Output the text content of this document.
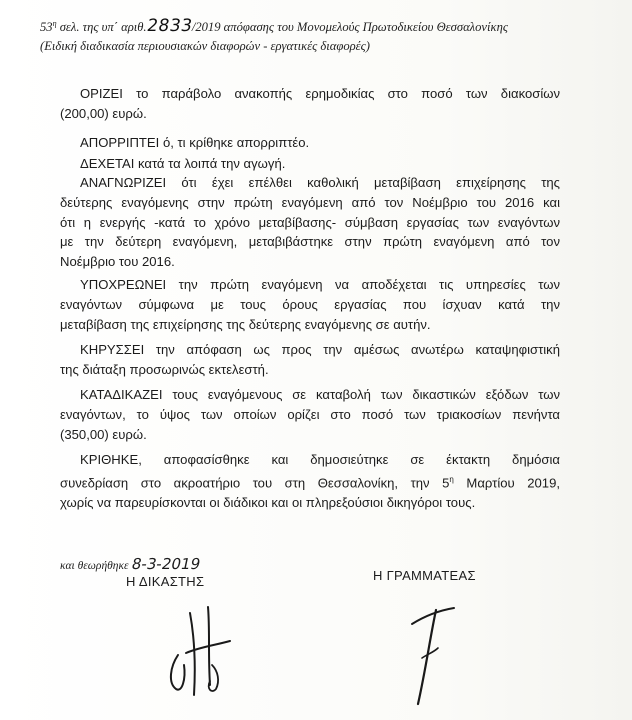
$53^\eta$ σελ. της υπ΄ αριθ.2833/2019 απόφασης του Μονομελούς Πρωτοδικείου Θεσσαλονίκης
(Ειδική διαδικασία περιουσιακών διαφορών - εργατικές διαφορές)

ΟΡΙΖΕΙ το παράβολο ανακοπής ερημοδικίας στο ποσό των διακοσίων

(200,00) ευρώ.

ΑΠΟΡΡΙΠΤΕΙ ό, τι κρίθηκε απορριπτέο.

ΔΕΧΕΤΑΙ κατά τα λοιπά την αγωγή.

ΑΝΑΓΝΩΡΙΖΕΙ ότι έχει επέλθει καθολική μεταβίβαση επιχείρησης της

δεύτερης εναγόμενης στην πρώτη εναγόμενη από τον Νοέμβριο του 2016 και

ότι η ενεργής -κατά το χρόνο μεταβίβασης- σύμβαση εργασίας των εναγόντων

με την δεύτερη εναγόμενη, μεταβιβάστηκε στην πρώτη εναγόμενη από τον

Νοέμβριο του 2016.

ΥΠΟΧΡΕΩΝΕΙ την πρώτη εναγόμενη να αποδέχεται τις υπηρεσίες των

εναγόντων σύμφωνα με τους όρους εργασίας που ίσχυαν κατά την

μεταβίβαση της επιχείρησης της δεύτερης εναγόμενης σε αυτήν.

ΚΗΡΥΣΣΕΙ την απόφαση ως προς την αμέσως ανωτέρω καταψηφιστική

της διάταξη προσωρινώς εκτελεστή.

ΚΑΤΑΔΙΚΑΖΕΙ τους εναγόμενους σε καταβολή των δικαστικών εξόδων των

εναγόντων, το ύψος των οποίων ορίζει στο ποσό των τριακοσίων πενήντα

(350,00) ευρώ.

ΚΡΙΘΗΚΕ, αποφασίσθηκε και δημοσιεύτηκε σε έκτακτη δημόσια

συνεδρίαση στο ακροατήριο του στη Θεσσαλονίκη, την $5^\eta$ Μαρτίου 2019,

χωρίς να παρευρίσκονται οι διάδικοι και οι πληρεξούσιοι δικηγόροι τους.

και θεωρήθηκε8-3-2019
Η ΔΙΚΑΣΤΗΣ	Η ΓΡΑΜΜΑΤΕΑΣ
